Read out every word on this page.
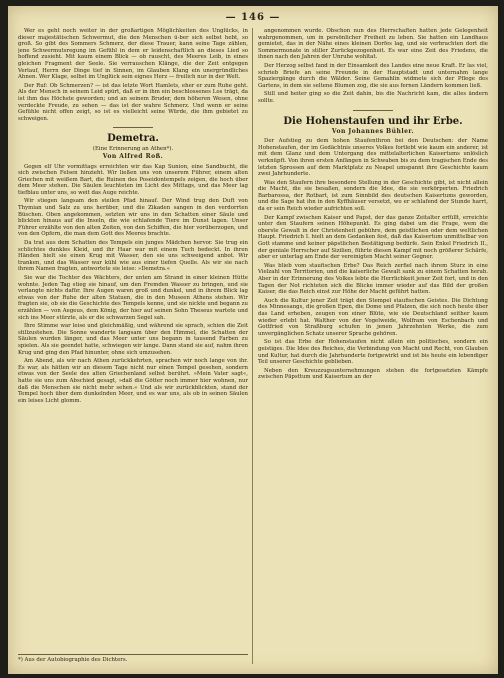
— 146 —

Wer es geht noch weiter in der großartigen Möglichkeiten des Unglücks, in dieser majestätischen Schwermut, die den Menschen ü-ber sich selbst hebt, so groß. So gibt des Sommers Schmerz, der diese Trauer, kann seine Tage zählen, jene Schwermutsregung im Gefühl in dem er leidenschaftlich an dieses Lied so hoffend zusieht. Mit kaum einem Blick — ob rauscht, des Meeres Leib, in eines gleichen Fragment der Seele. Sie verrauschen Klänge, die der Zeit entgegen Verlauf, Herrn der Dinge tief in Sinnen, im Glauben Klang ein unergründliches Ahnen. Wer Klage, selbst im Unglück sein eignes Herz — freilich nur in der Welt.

Der Ruf: Ob Schmerzen? — ist das letzte Wort Hamlets, eher er zum Ruhe geht. Als der Mensch in seinem Leid spürt, daß er in ihm ein beschlossenes Los trägt, da ist ihm das Höchste geworden; und an seinem Bruder, dem höheren Wesen, ohne verdeckte Freude, zu sehen — das ist der wahre Schmerz. Und wenn er seine Gefühle nicht offen zeigt, so ist es vielleicht seine Würde, die ihm gebietet zu schweigen.

Demetra.
(Eine Erinnerung an Athen*).
Von Alfred Roß.

Gegen elf Uhr vormittags erreichten wir das Kap Sunion, eine Sandbucht, die sich zwischen Felsen hinzieht. Wir ließen uns von unserem Führer, einem alten Griechen mit weißem Bart, die Ruinen des Poseidontempels zeigen, die hoch über dem Meer stehen. Die Säulen leuchteten im Licht des Mittags, und das Meer lag tiefblau unter uns, so weit das Auge reichte.

Wir stiegen langsam den steilen Pfad hinauf. Der Wind trug den Duft von Thymian und Salz zu uns herüber, und die Zikaden sangen in den verdorrten Büschen. Oben angekommen, setzten wir uns in den Schatten einer Säule und blickten hinaus auf die Inseln, die wie schlafende Tiere im Dunst lagen. Unser Führer erzählte von den alten Zeiten, von den Schiffen, die hier vorüberzogen, und von den Opfern, die man dem Gott des Meeres brachte.

Da trat aus dem Schatten des Tempels ein junges Mädchen hervor. Sie trug ein schlichtes dunkles Kleid, und ihr Haar war mit einem Tuch bedeckt. In ihren Händen hielt sie einen Krug mit Wasser, den sie uns schweigend anbot. Wir tranken, und das Wasser war kühl wie aus einer tiefen Quelle. Als wir sie nach ihrem Namen fragten, antwortete sie leise: »Demetra.«

Sie war die Tochter des Wächters, der unten am Strand in einer kleinen Hütte wohnte. Jeden Tag stieg sie hinauf, um den Fremden Wasser zu bringen, und sie verlangte nichts dafür. Ihre Augen waren groß und dunkel, und in ihrem Blick lag etwas von der Ruhe der alten Statuen, die in den Museen Athens stehen. Wir fragten sie, ob sie die Geschichte des Tempels kenne, und sie nickte und begann zu erzählen — von Aegeus, dem König, der hier auf seinen Sohn Theseus wartete und sich ins Meer stürzte, als er die schwarzen Segel sah.

Ihre Stimme war leise und gleichmäßig, und während sie sprach, schien die Zeit stillzustehen. Die Sonne wanderte langsam über den Himmel, die Schatten der Säulen wurden länger, und das Meer unter uns begann in tausend Farben zu spielen. Als sie geendet hatte, schwiegen wir lange. Dann stand sie auf, nahm ihren Krug und ging den Pfad hinunter, ohne sich umzusehen.

Am Abend, als wir nach Athen zurückkehrten, sprachen wir noch lange von ihr. Es war, als hätten wir an diesem Tage nicht nur einen Tempel gesehen, sondern etwas von der Seele des alten Griechenland selbst berührt. »Mein Vater sagt«, hatte sie uns zum Abschied gesagt, »daß die Götter noch immer hier wohnen, nur daß die Menschen sie nicht mehr sehen.« Und als wir zurückblickten, stand der Tempel hoch über dem dunkelnden Meer, und es war uns, als ob in seinen Säulen ein leises Licht glomm.

*) Aus der Autobiographie des Dichters.

angenommen wurde. Obschon nun des Herrschaften hatten jede Gelegenheit wahrgenommen, um in persönlicher Freiheit zu leben. Sie hatten ein Landhaus gemietet, das in der Nähe eines kleinen Dorfes lag, und sie verbrachten dort die Sommermonate in stiller Zurückgezogenheit. Es war eine Zeit des Friedens, die ihnen nach den Jahren der Unruhe wohltat.

Der Herzog selbst fand in der Einsamkeit des Landes eine neue Kraft. Er las viel, schrieb Briefe an seine Freunde in der Hauptstadt und unternahm lange Spaziergänge durch die Wälder. Seine Gemahlin widmete sich der Pflege des Gartens, in dem sie seltene Blumen zog, die sie aus fernen Ländern kommen ließ.

Still und heiter ging so die Zeit dahin, bis die Nachricht kam, die alles ändern sollte.

Die Hohenstaufen und ihr Erbe.
Von Johannes Bühler.

Der Aufstieg zu dem hohen Staufenthron bei den Deutschen: der Name Hohenstaufen, der im Gedächtnis unseres Volkes fortlebt wie kaum ein anderer, ist mit dem Glanz und dem Untergang des mittelalterlichen Kaisertums unlöslich verknüpft. Von ihren ersten Anfängen in Schwaben bis zu dem tragischen Ende des letzten Sprossen auf dem Marktplatz zu Neapel umspannt ihre Geschichte kaum zwei Jahrhunderte.

Was den Staufern ihre besondere Stellung in der Geschichte gibt, ist nicht allein die Macht, die sie besaßen, sondern die Idee, die sie verkörperten. Friedrich Barbarossa, der Rotbart, ist zum Sinnbild des deutschen Kaisertums geworden, und die Sage hat ihn in den Kyffhäuser versetzt, wo er schlafend der Stunde harrt, da er sein Reich wieder aufrichten soll.

Der Kampf zwischen Kaiser und Papst, der das ganze Zeitalter erfüllt, erreichte unter den Staufern seinen Höhepunkt. Es ging dabei um die Frage, wem die oberste Gewalt in der Christenheit gebühre, dem geistlichen oder dem weltlichen Haupt. Friedrich I. hielt an dem Gedanken fest, daß das Kaisertum unmittelbar von Gott stamme und keiner päpstlichen Bestätigung bedürfe. Sein Enkel Friedrich II., der geniale Herrscher auf Sizilien, führte diesen Kampf mit noch größerer Schärfe, aber er unterlag am Ende der vereinigten Macht seiner Gegner.

Was blieb vom staufischen Erbe? Das Reich zerfiel nach ihrem Sturz in eine Vielzahl von Territorien, und die kaiserliche Gewalt sank zu einem Schatten herab. Aber in der Erinnerung des Volkes lebte die Herrlichkeit jener Zeit fort, und in den Tagen der Not richteten sich die Blicke immer wieder auf das Bild der großen Kaiser, die das Reich einst zur Höhe der Macht geführt hatten.

Auch die Kultur jener Zeit trägt den Stempel staufischen Geistes. Die Dichtung des Minnesangs, die großen Epen, die Dome und Pfalzen, die sich noch heute über das Land erheben, zeugen von einer Blüte, wie sie Deutschland seither kaum wieder erlebt hat. Walther von der Vogelweide, Wolfram von Eschenbach und Gottfried von Straßburg schufen in jenen Jahrzehnten Werke, die zum unvergänglichen Schatz unserer Sprache gehören.

So ist das Erbe der Hohenstaufen nicht allein ein politisches, sondern ein geistiges. Die Idee des Reiches, die Verbindung von Macht und Recht, von Glauben und Kultur, hat durch die Jahrhunderte fortgewirkt und ist bis heute ein lebendiger Teil unserer Geschichte geblieben.

Neben den Kreuzzugsunternehmungen stehen die fortgesetzten Kämpfe zwischen Päpsttum und Kaisertum an der
